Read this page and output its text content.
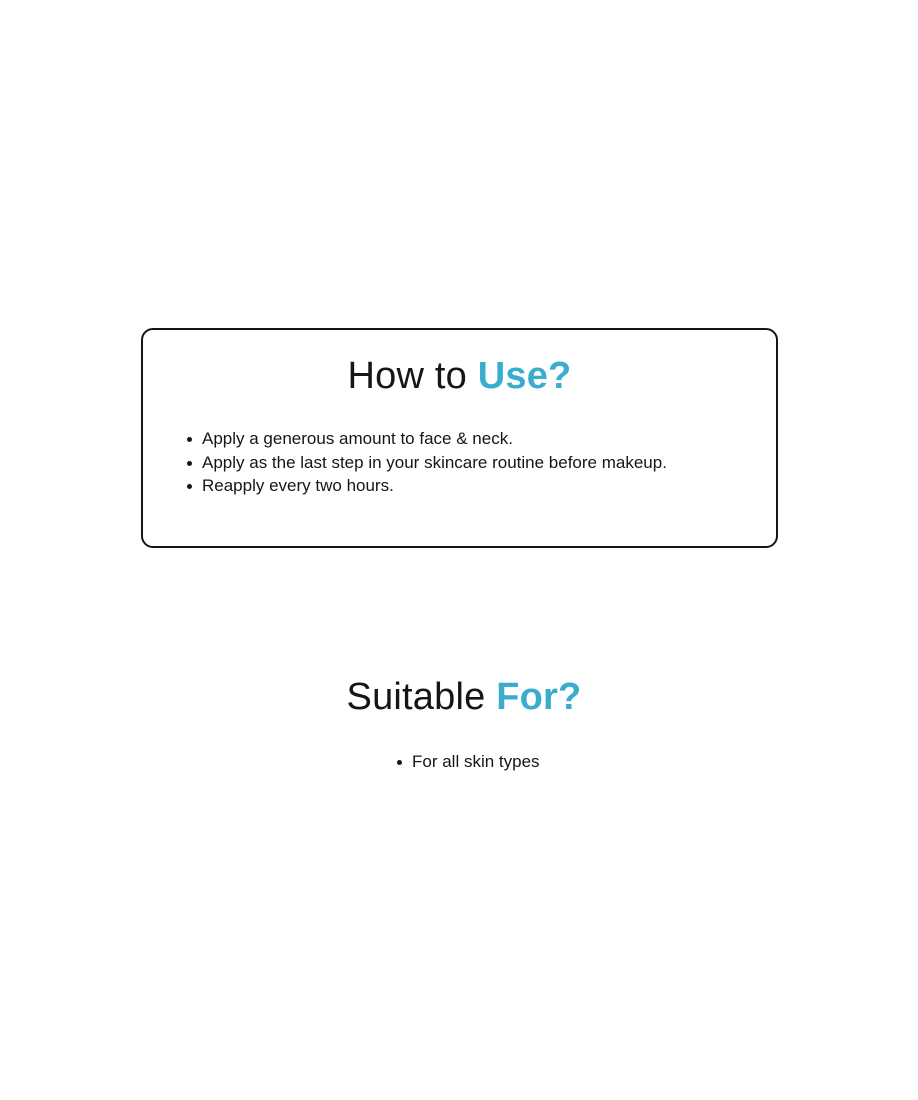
How to Use?
Apply a generous amount to face & neck.
Apply as the last step in your skincare routine before makeup.
Reapply every two hours.
Suitable For?
For all skin types
